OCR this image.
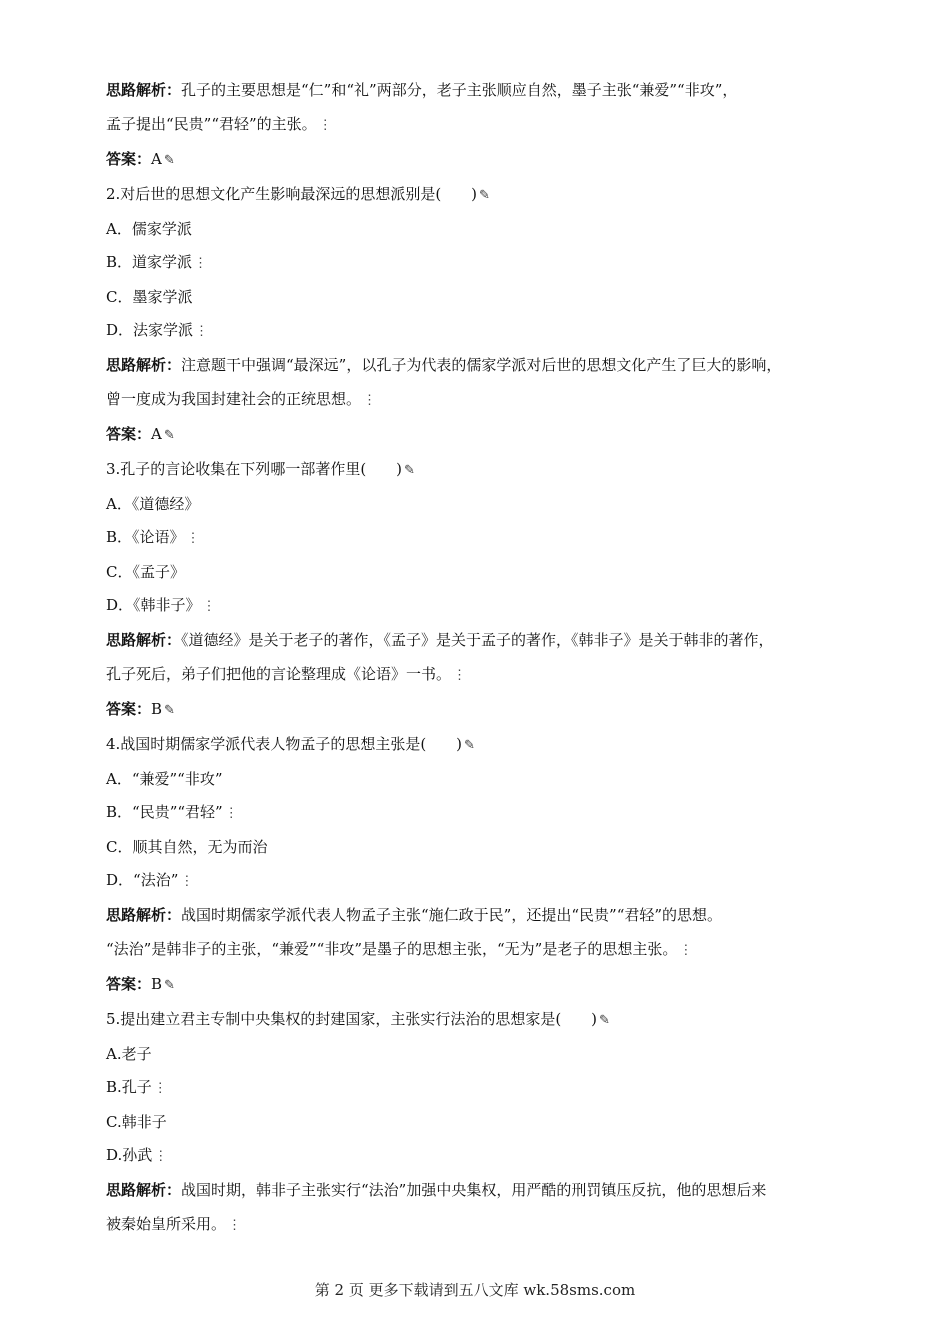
思路解析：孔子的主要思想是“仁”和“礼”两部分，老子主张顺应自然，墨子主张“兼爱”“非攻”，
孟子提出“民贵”“君轻”的主张。 ⋮
答案：A ✎
2.对后世的思想文化产生影响最深远的思想派别是(　　) ✎
A．儒家学派
B．道家学派 ⋮
C．墨家学派
D．法家学派 ⋮
思路解析：注意题干中强调“最深远”，以孔子为代表的儒家学派对后世的思想文化产生了巨大的影响，
曾一度成为我国封建社会的正统思想。 ⋮
答案：A ✎
3.孔子的言论收集在下列哪一部著作里(　　) ✎
A．《道德经》
B．《论语》 ⋮
C．《孟子》
D．《韩非子》 ⋮
思路解析：《道德经》是关于老子的著作，《孟子》是关于孟子的著作，《韩非子》是关于韩非的著作，
孔子死后，弟子们把他的言论整理成《论语》一书。 ⋮
答案：B ✎
4.战国时期儒家学派代表人物孟子的思想主张是(　　) ✎
A．“兼爱”“非攻”
B．“民贵”“君轻” ⋮
C．顺其自然，无为而治
D．“法治” ⋮
思路解析：战国时期儒家学派代表人物孟子主张“施仁政于民”，还提出“民贵”“君轻”的思想。
“法治”是韩非子的主张，“兼爱”“非攻”是墨子的思想主张，“无为”是老子的思想主张。 ⋮
答案：B ✎
5.提出建立君主专制中央集权的封建国家，主张实行法治的思想家是(　　) ✎
A.老子
B.孔子 ⋮
C.韩非子
D.孙武 ⋮
思路解析：战国时期，韩非子主张实行“法治”加强中央集权，用严酷的刑罚镇压反抗，他的思想后来
被秦始皇所采用。 ⋮
第 2 页 更多下载请到五八文库 wk.58sms.com
